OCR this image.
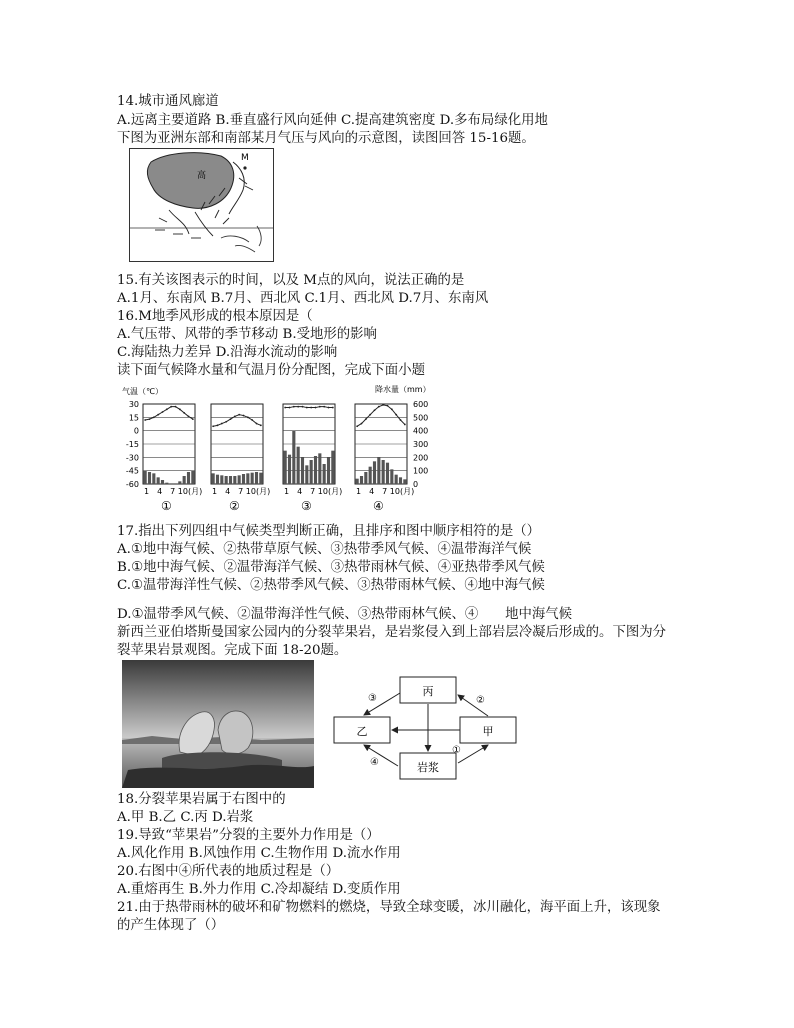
14.城市通风廊道
A.远离主要道路 B.垂直盛行风向延伸 C.提高建筑密度 D.多布局绿化用地
下图为亚洲东部和南部某月气压与风向的示意图，读图回答 15-16题。
高
M
15.有关该图表示的时间，以及 M点的风向，说法正确的是
A.1月、东南风 B.7月、西北风 C.1月、西北风 D.7月、东南风
16.M地季风形成的根本原因是（
A.气压带、风带的季节移动 B.受地形的影响
C.海陆热力差异 D.沿海水流动的影响
读下面气候降水量和气温月份分配图，完成下面小题
气温（℃）	降水量（mm）
30
15
0
-15
-30
-45
-60
600
500
400
300
200
100
0
1　4　7 10(月)
①
1　4　7 10(月)
②
1　4　7 10(月)
③
1　4　7 10(月)
④
17.指出下列四组中气候类型判断正确，且排序和图中顺序相符的是（）
A.①地中海气候、②热带草原气候、③热带季风气候、④温带海洋气候
B.①地中海气候、②温带海洋气候、③热带雨林气候、④亚热带季风气候
C.①温带海洋性气候、②热带季风气候、③热带雨林气候、④地中海气候
D.①温带季风气候、②温带海洋性气候、③热带雨林气候、④　　地中海气候
新西兰亚伯塔斯曼国家公园内的分裂苹果岩，是岩浆侵入到上部岩层冷凝后形成的。下图为分
裂苹果岩景观图。完成下面 18-20题。
丙
乙	甲
岩浆
③	②
①
④
18.分裂苹果岩属于右图中的
A.甲 B.乙 C.丙 D.岩浆
19.导致“苹果岩”分裂的主要外力作用是（）
A.风化作用 B.风蚀作用 C.生物作用 D.流水作用
20.右图中④所代表的地质过程是（）
A.重熔再生 B.外力作用 C.冷却凝结 D.变质作用
21.由于热带雨林的破坏和矿物燃料的燃烧，导致全球变暖，冰川融化，海平面上升，该现象
的产生体现了（）
